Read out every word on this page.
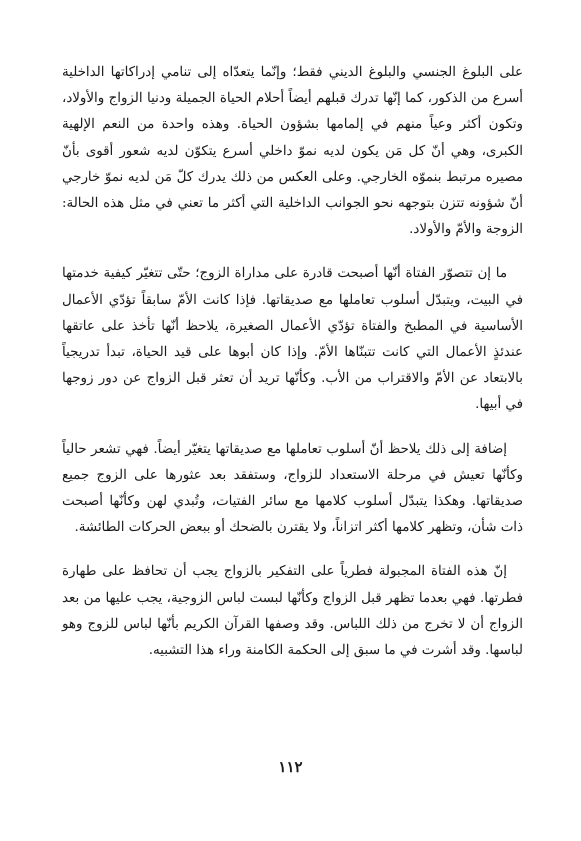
على البلوغ الجنسي والبلوغ الديني فقط؛ وإنّما يتعدّاه إلى تنامي إدراكاتها الداخلية أسرع من الذكور، كما إنّها تدرك قبلهم أيضاً أحلام الحياة الجميلة ودنيا الزواج والأولاد، وتكون أكثر وعياً منهم في إلمامها بشؤون الحياة. وهذه واحدة من النعم الإلهية الكبرى، وهي أنّ كل مَن يكون لديه نموّ داخلي أسرع يتكوّن لديه شعور أقوى بأنّ مصيره مرتبط بنموّه الخارجي. وعلى العكس من ذلك يدرك كلّ مَن لديه نموّ خارجي أنّ شؤونه تتزن بتوجهه نحو الجوانب الداخلية التي أكثر ما تعني في مثل هذه الحالة: الزوجة والأمّ والأولاد.

ما إن تتصوّر الفتاة أنّها أصبحت قادرة على مداراة الزوج؛ حتّى تتغيّر كيفية خدمتها في البيت، ويتبدّل أسلوب تعاملها مع صديقاتها. فإذا كانت الأمّ سابقاً تؤدّي الأعمال الأساسية في المطبخ والفتاة تؤدّي الأعمال الصغيرة، يلاحظ أنّها تأخذ على عاتقها عندئذٍ الأعمال التي كانت تتبنّاها الأمّ. وإذا كان أبوها على قيد الحياة، تبدأ تدريجياً بالابتعاد عن الأمّ والاقتراب من الأب. وكأنّها تريد أن تعثر قبل الزواج عن دور زوجها في أبيها.

إضافة إلى ذلك يلاحظ أنّ أسلوب تعاملها مع صديقاتها يتغيّر أيضاً. فهي تشعر حالياً وكأنّها تعيش في مرحلة الاستعداد للزواج، وستفقد بعد عثورها على الزوج جميع صديقاتها. وهكذا يتبدّل أسلوب كلامها مع سائر الفتيات، وتُبدي لهن وكأنّها أصبحت ذات شأن، وتظهر كلامها أكثر اتزاناً، ولا يقترن بالضحك أو ببعض الحركات الطائشة.

إنّ هذه الفتاة المجبولة فطرياً على التفكير بالزواج يجب أن تحافظ على طهارة فطرتها. فهي بعدما تظهر قبل الزواج وكأنّها لبست لباس الزوجية، يجب عليها من بعد الزواج أن لا تخرج من ذلك اللباس. وقد وصفها القرآن الكريم بأنّها لباس للزوج وهو لباسها. وقد أشرت في ما سبق إلى الحكمة الكامنة وراء هذا التشبيه.

١١٢
